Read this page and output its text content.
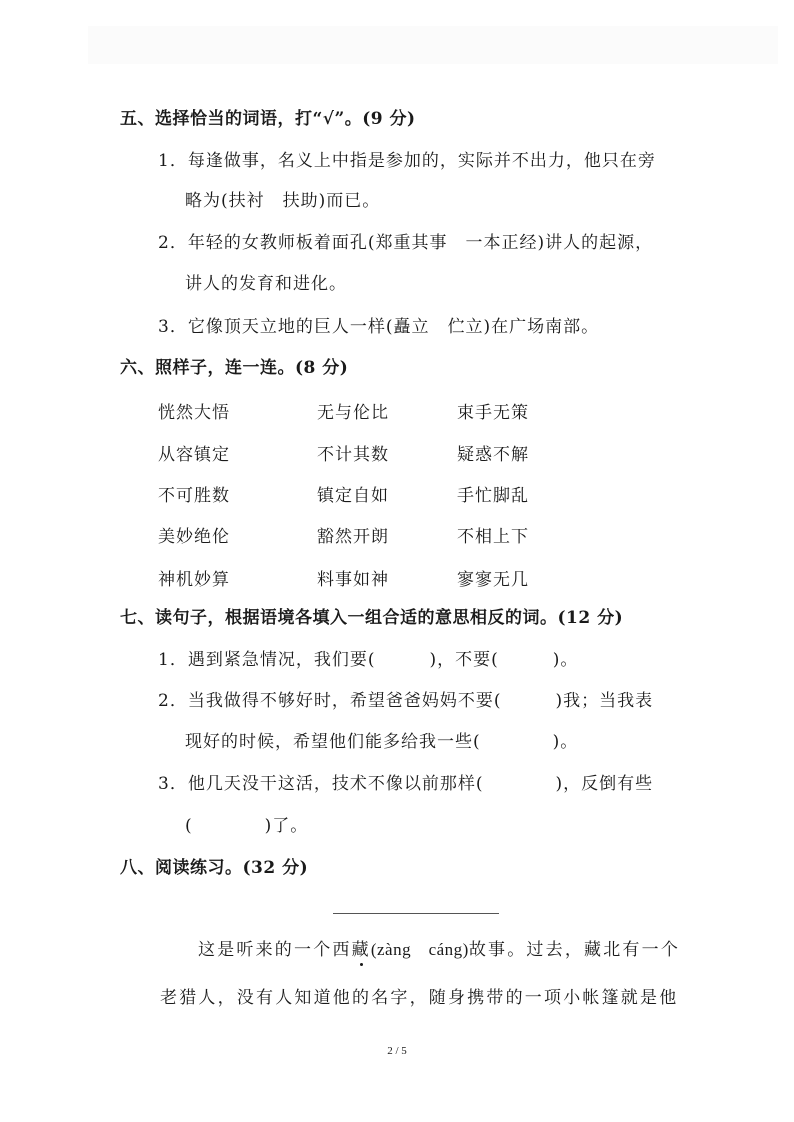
五、选择恰当的词语，打“√”。(9 分)
1．每逢做事，名义上中指是参加的，实际并不出力，他只在旁
略为(扶衬　扶助)而已。
2．年轻的女教师板着面孔(郑重其事　一本正经)讲人的起源，
讲人的发育和进化。
3．它像顶天立地的巨人一样(矗立　伫立)在广场南部。
六、照样子，连一连。(8 分)
恍然大悟
从容镇定
不可胜数
美妙绝伦
神机妙算
无与伦比
不计其数
镇定自如
豁然开朗
料事如神
束手无策
疑惑不解
手忙脚乱
不相上下
寥寥无几
七、读句子，根据语境各填入一组合适的意思相反的词。(12 分)
1．遇到紧急情况，我们要(　　　)，不要(　　　)。
2．当我做得不够好时，希望爸爸妈妈不要(　　　)我；当我表
现好的时候，希望他们能多给我一些(　　　　)。
3．他几天没干这活，技术不像以前那样(　　　　)，反倒有些
(　　　　)了。
八、阅读练习。(32 分)
这是听来的一个西藏(zàng　cáng)故事。过去，藏北有一个
老猎人，没有人知道他的名字，随身携带的一项小帐篷就是他
2 / 5
